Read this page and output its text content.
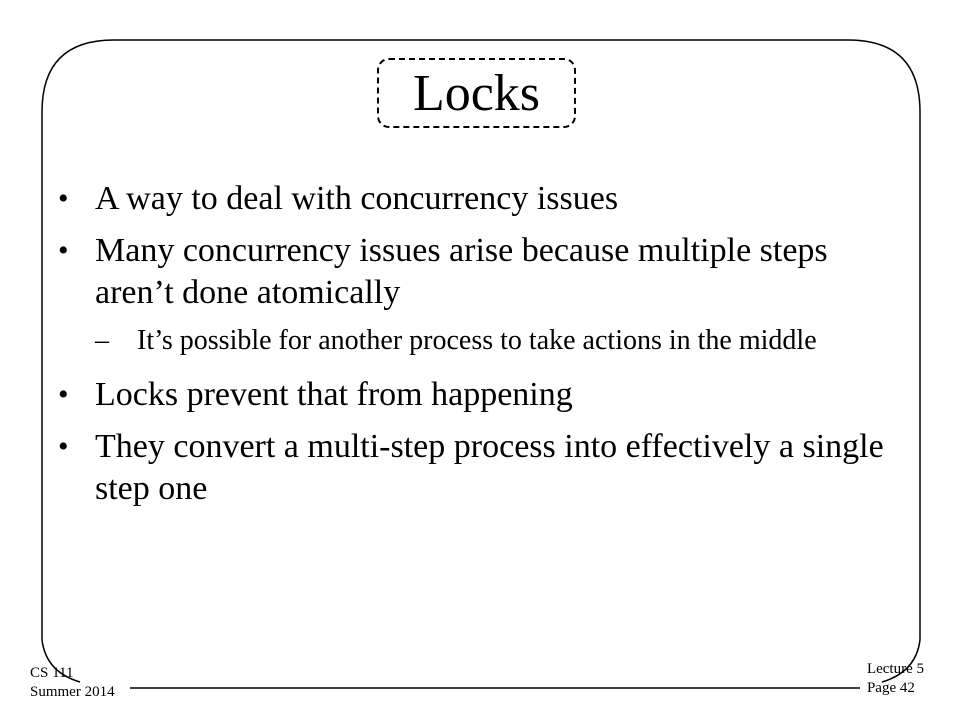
Locks
• A way to deal with concurrency issues
• Many concurrency issues arise because multiple steps aren’t done atomically
– It’s possible for another process to take actions in the middle
• Locks prevent that from happening
• They convert a multi-step process into effectively a single step one
CS 111
Summer 2014
Lecture 5
Page 42
